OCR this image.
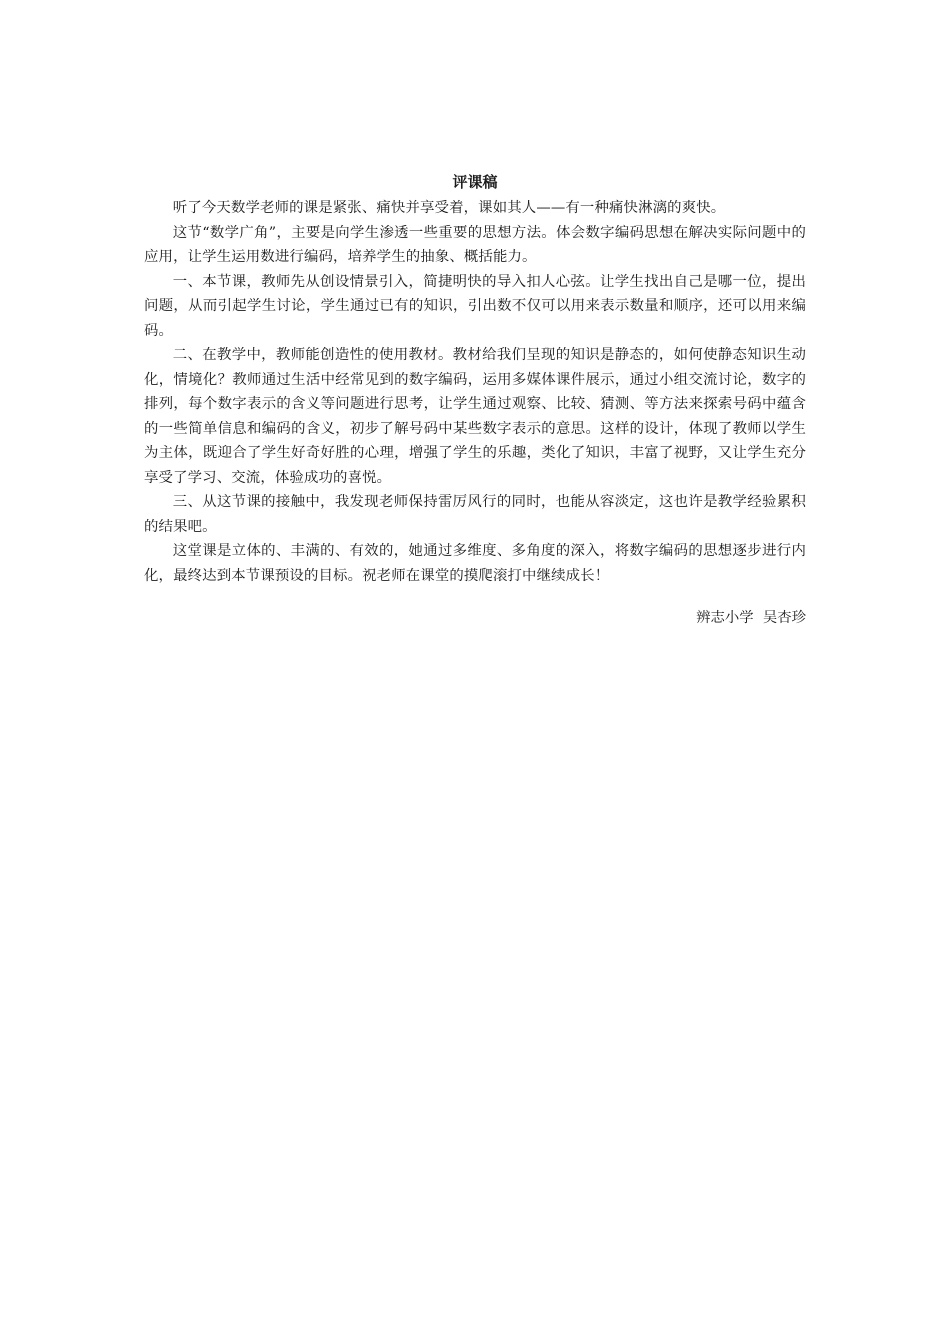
评课稿

听了今天数学老师的课是紧张、痛快并享受着，课如其人——有一种痛快淋漓的爽快。

这节“数学广角”，主要是向学生渗透一些重要的思想方法。体会数字编码思想在解决实际问题中的应用，让学生运用数进行编码，培养学生的抽象、概括能力。

一、本节课，教师先从创设情景引入，简捷明快的导入扣人心弦。让学生找出自己是哪一位，提出问题，从而引起学生讨论，学生通过已有的知识，引出数不仅可以用来表示数量和顺序，还可以用来编码。

二、在教学中，教师能创造性的使用教材。教材给我们呈现的知识是静态的，如何使静态知识生动化，情境化？教师通过生活中经常见到的数字编码，运用多媒体课件展示，通过小组交流讨论，数字的排列，每个数字表示的含义等问题进行思考，让学生通过观察、比较、猜测、等方法来探索号码中蕴含的一些简单信息和编码的含义，初步了解号码中某些数字表示的意思。这样的设计，体现了教师以学生为主体，既迎合了学生好奇好胜的心理，增强了学生的乐趣，类化了知识，丰富了视野，又让学生充分享受了学习、交流，体验成功的喜悦。

三、从这节课的接触中，我发现老师保持雷厉风行的同时，也能从容淡定，这也许是教学经验累积的结果吧。

这堂课是立体的、丰满的、有效的，她通过多维度、多角度的深入，将数字编码的思想逐步进行内化，最终达到本节课预设的目标。祝老师在课堂的摸爬滚打中继续成长！

辨志小学  吴杏珍
